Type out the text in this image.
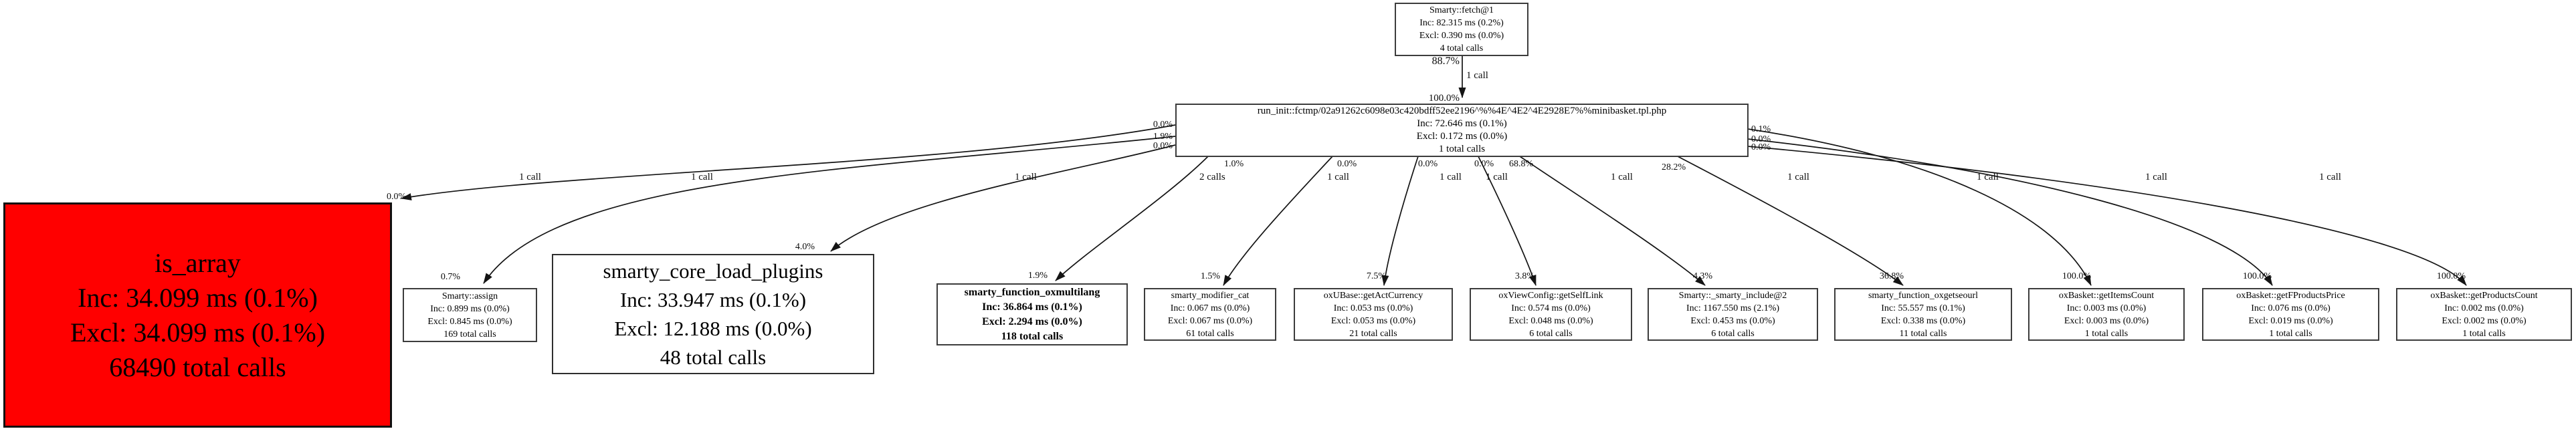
Smarty::fetch@1
Inc: 82.315 ms (0.2%)
Excl: 0.390 ms (0.0%)
4 total calls
run_init::fctmp/02a91262c6098e03c420bdff52ee2196^%%4E^4E2^4E2928E7%%minibasket.tpl.php
Inc: 72.646 ms (0.1%)
Excl: 0.172 ms (0.0%)
1 total calls
is_array
Inc: 34.099 ms (0.1%)
Excl: 34.099 ms (0.1%)
68490 total calls
Smarty::assign
Inc: 0.899 ms (0.0%)
Excl: 0.845 ms (0.0%)
169 total calls
smarty_core_load_plugins
Inc: 33.947 ms (0.1%)
Excl: 12.188 ms (0.0%)
48 total calls
smarty_function_oxmultilang
Inc: 36.864 ms (0.1%)
Excl: 2.294 ms (0.0%)
118 total calls
smarty_modifier_cat
Inc: 0.067 ms (0.0%)
Excl: 0.067 ms (0.0%)
61 total calls
oxUBase::getActCurrency
Inc: 0.053 ms (0.0%)
Excl: 0.053 ms (0.0%)
21 total calls
oxViewConfig::getSelfLink
Inc: 0.574 ms (0.0%)
Excl: 0.048 ms (0.0%)
6 total calls
Smarty::_smarty_include@2
Inc: 1167.550 ms (2.1%)
Excl: 0.453 ms (0.0%)
6 total calls
smarty_function_oxgetseourl
Inc: 55.557 ms (0.1%)
Excl: 0.338 ms (0.0%)
11 total calls
oxBasket::getItemsCount
Inc: 0.003 ms (0.0%)
Excl: 0.003 ms (0.0%)
1 total calls
oxBasket::getFProductsPrice
Inc: 0.076 ms (0.0%)
Excl: 0.019 ms (0.0%)
1 total calls
oxBasket::getProductsCount
Inc: 0.002 ms (0.0%)
Excl: 0.002 ms (0.0%)
1 total calls
88.7%
1 call
100.0%
0.0%
1.9%
0.0%
1.0%	0.0%	0.0%	0.0% 68.8%	28.2%
0.1%
0.0%
0.0%
0.0%
0.7%
4.0%
1.9%	1.5%	7.5%	3.8%	4.3%	36.8%	100.0%	100.0%	100.0%
1 call	1 call	1 call	2 calls	1 call	1 call 1 call	1 call	1 call	1 call	1 call	1 call
